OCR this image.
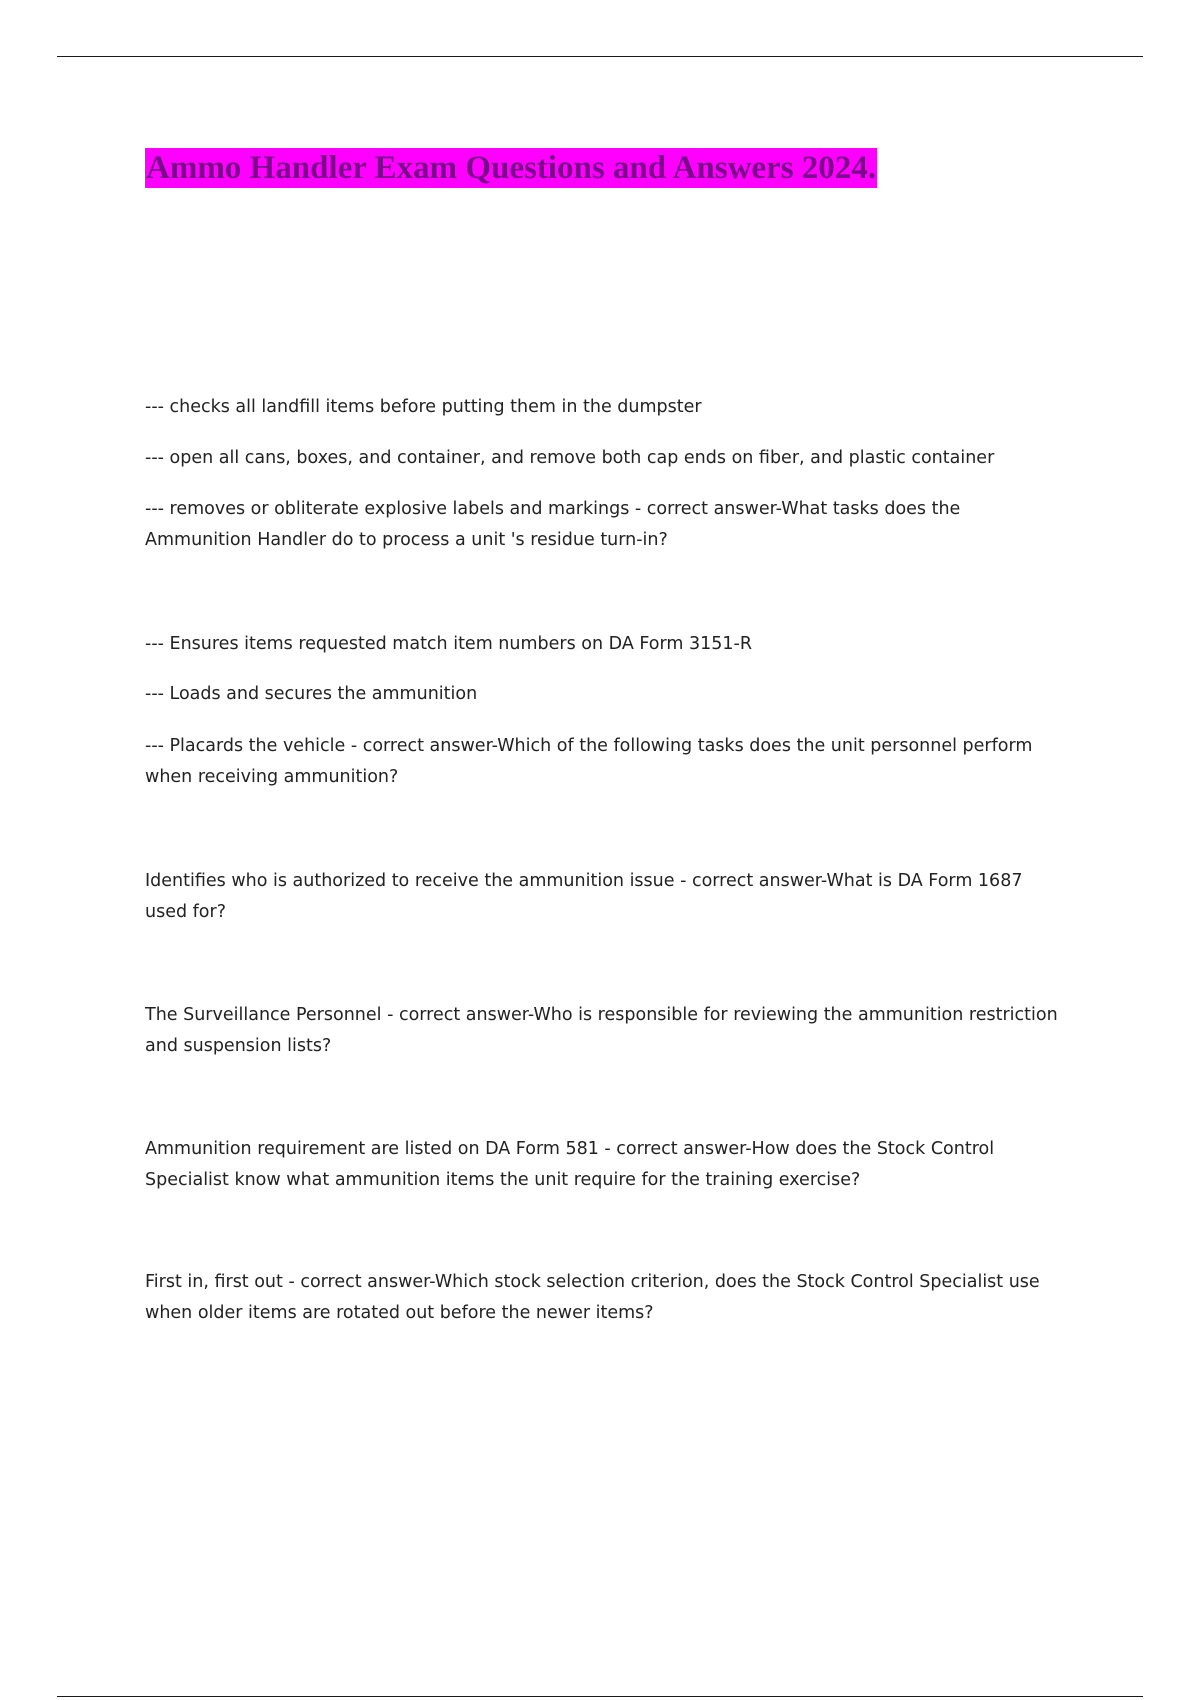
Ammo Handler Exam Questions and Answers 2024.

--- checks all landfill items before putting them in the dumpster

--- open all cans, boxes, and container, and remove both cap ends on fiber, and plastic container

--- removes or obliterate explosive labels and markings - correct answer-What tasks does the Ammunition Handler do to process a unit 's residue turn-in?

--- Ensures items requested match item numbers on DA Form 3151-R

--- Loads and secures the ammunition

--- Placards the vehicle - correct answer-Which of the following tasks does the unit personnel perform when receiving ammunition?

Identifies who is authorized to receive the ammunition issue - correct answer-What is DA Form 1687 used for?

The Surveillance Personnel - correct answer-Who is responsible for reviewing the ammunition restriction and suspension lists?

Ammunition requirement are listed on DA Form 581 - correct answer-How does the Stock Control Specialist know what ammunition items the unit require for the training exercise?

First in, first out - correct answer-Which stock selection criterion, does the Stock Control Specialist use when older items are rotated out before the newer items?
